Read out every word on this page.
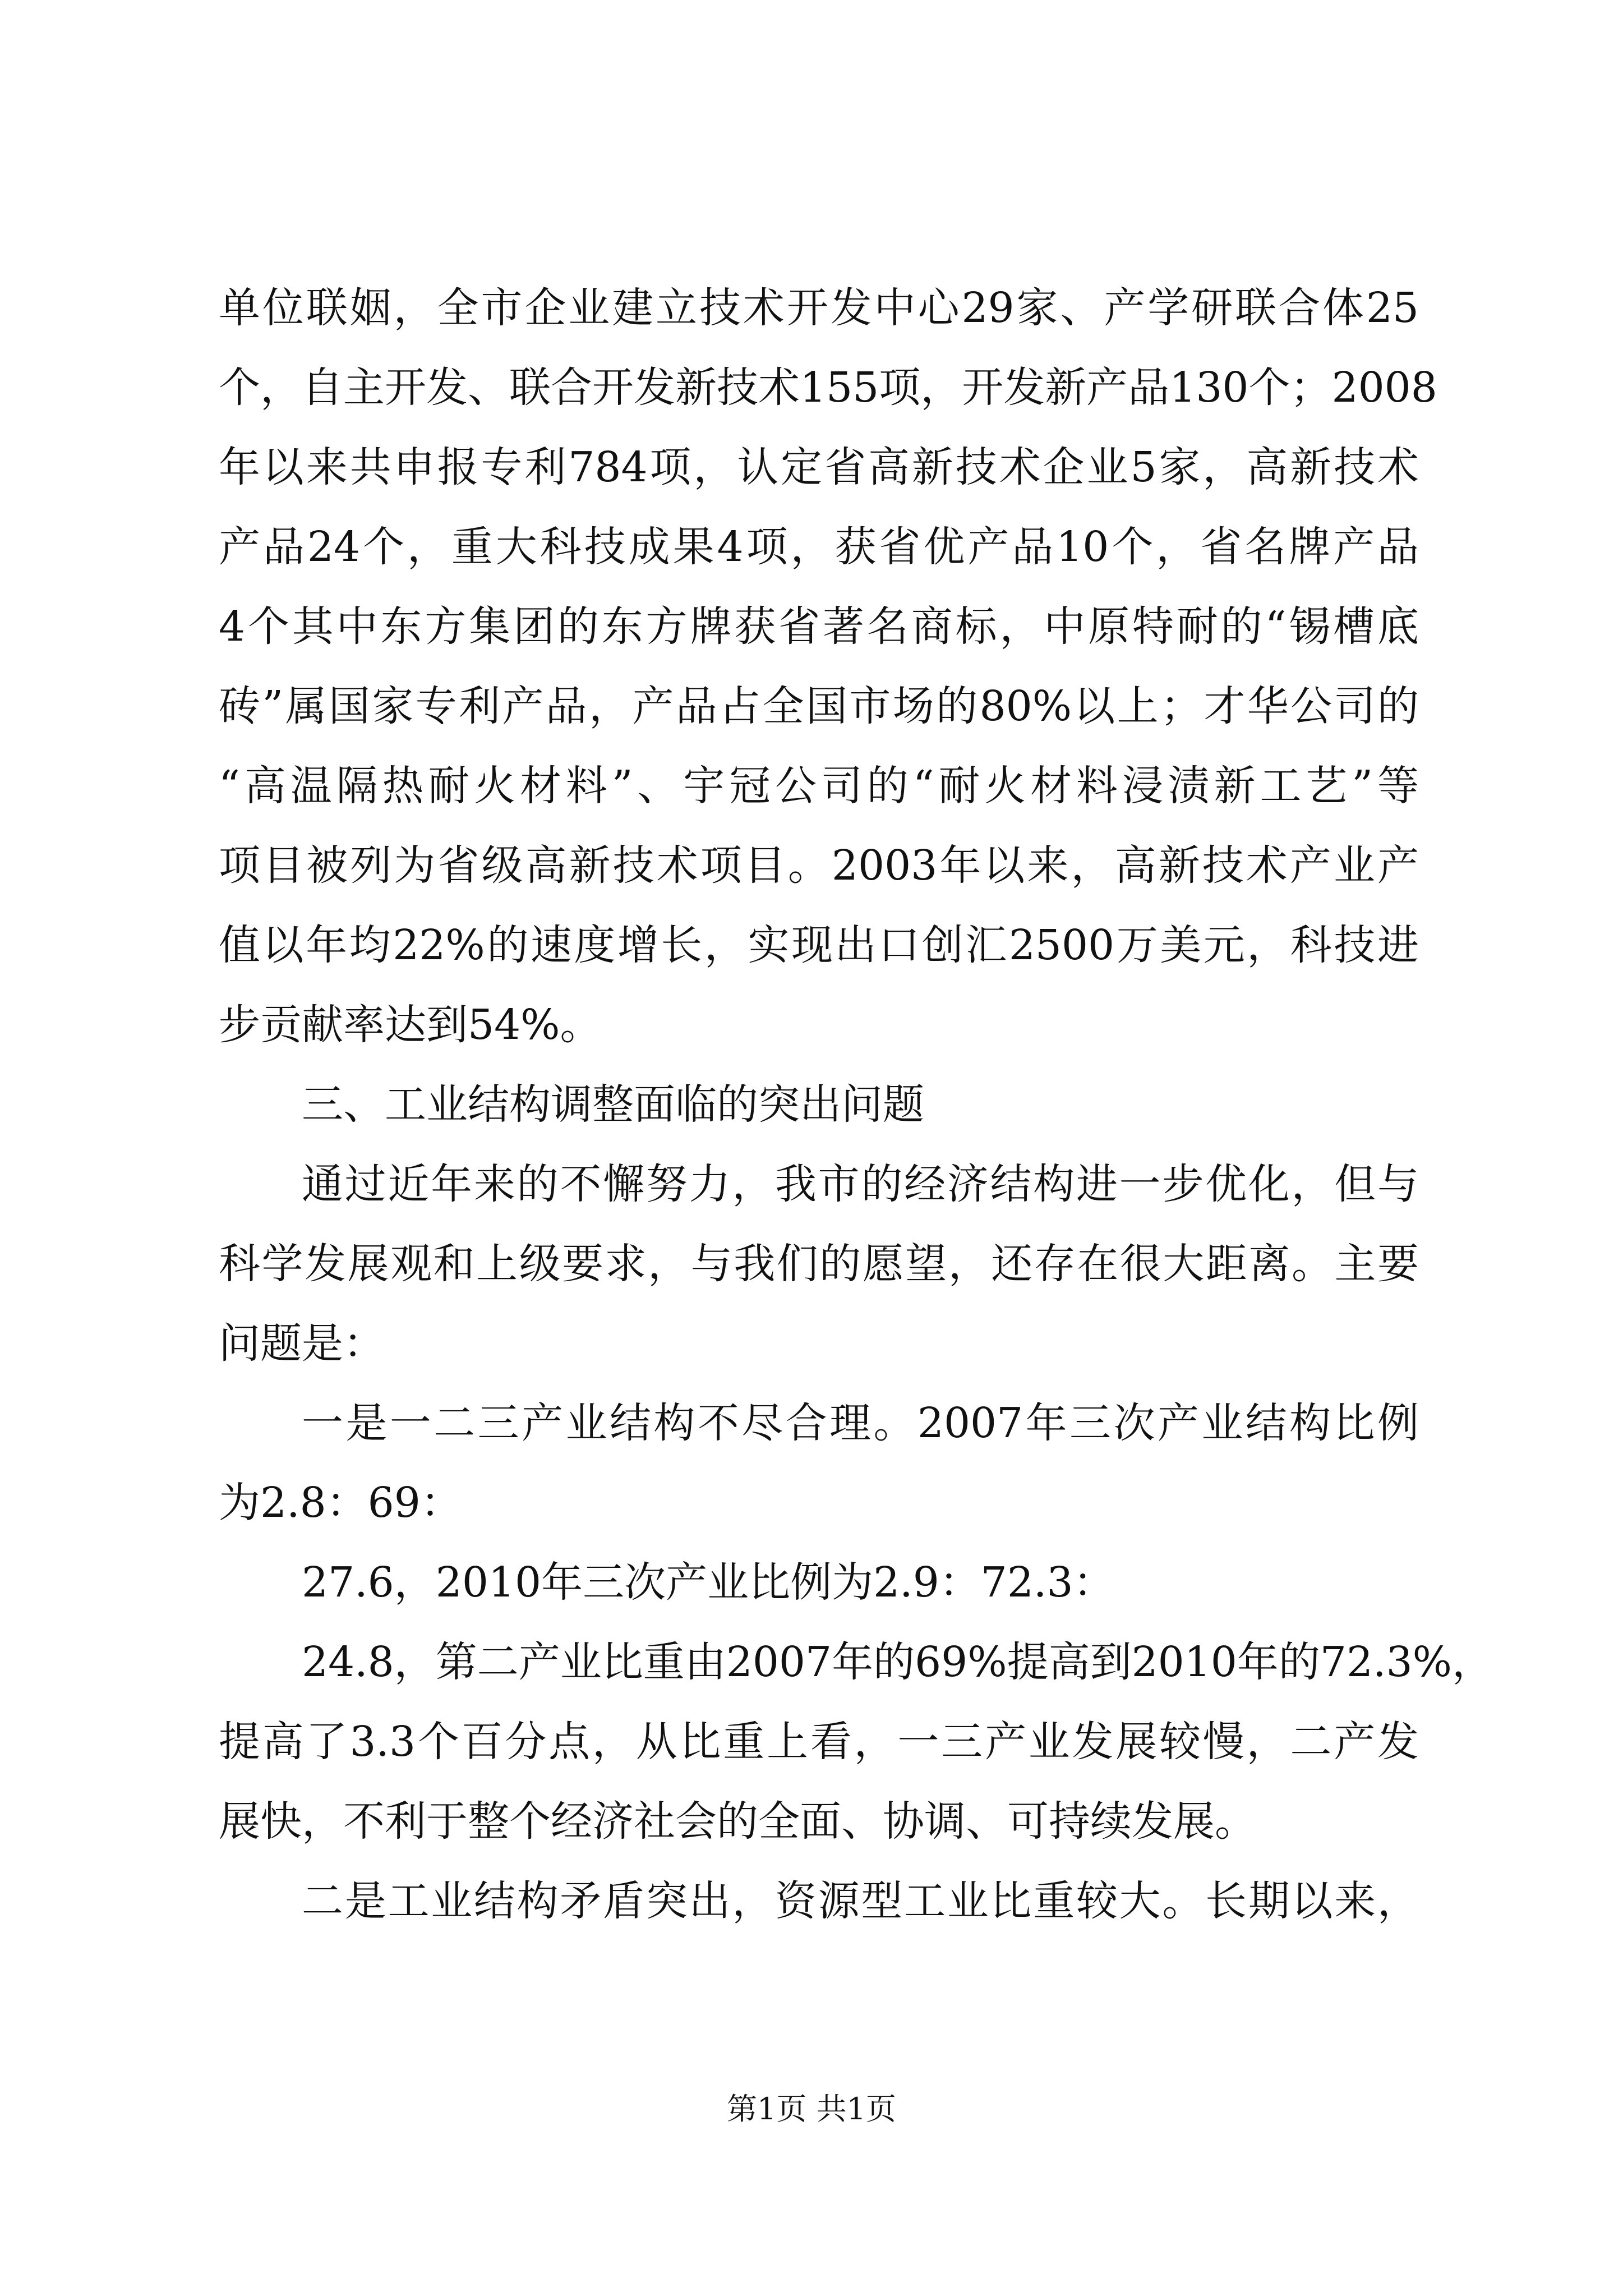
单位联姻，全市企业建立技术开发中心29家、产学研联合体25
个，自主开发、联合开发新技术155项，开发新产品130个；2008
年以来共申报专利784项，认定省高新技术企业5家，高新技术
产品24个，重大科技成果4项，获省优产品10个，省名牌产品
4个其中东方集团的东方牌获省著名商标，中原特耐的“锡槽底
砖”属国家专利产品，产品占全国市场的80%以上；才华公司的
“高温隔热耐火材料”、宇冠公司的“耐火材料浸渍新工艺”等
项目被列为省级高新技术项目。2003年以来，高新技术产业产
值以年均22%的速度增长，实现出口创汇2500万美元，科技进
步贡献率达到54%。
三、工业结构调整面临的突出问题
通过近年来的不懈努力，我市的经济结构进一步优化，但与
科学发展观和上级要求，与我们的愿望，还存在很大距离。主要
问题是：
一是一二三产业结构不尽合理。2007年三次产业结构比例
为2.8：69：
27.6，2010年三次产业比例为2.9：72.3：
24.8，第二产业比重由2007年的69%提高到2010年的72.3%，
提高了3.3个百分点，从比重上看，一三产业发展较慢，二产发
展快，不利于整个经济社会的全面、协调、可持续发展。
二是工业结构矛盾突出，资源型工业比重较大。长期以来，
第1页 共1页
